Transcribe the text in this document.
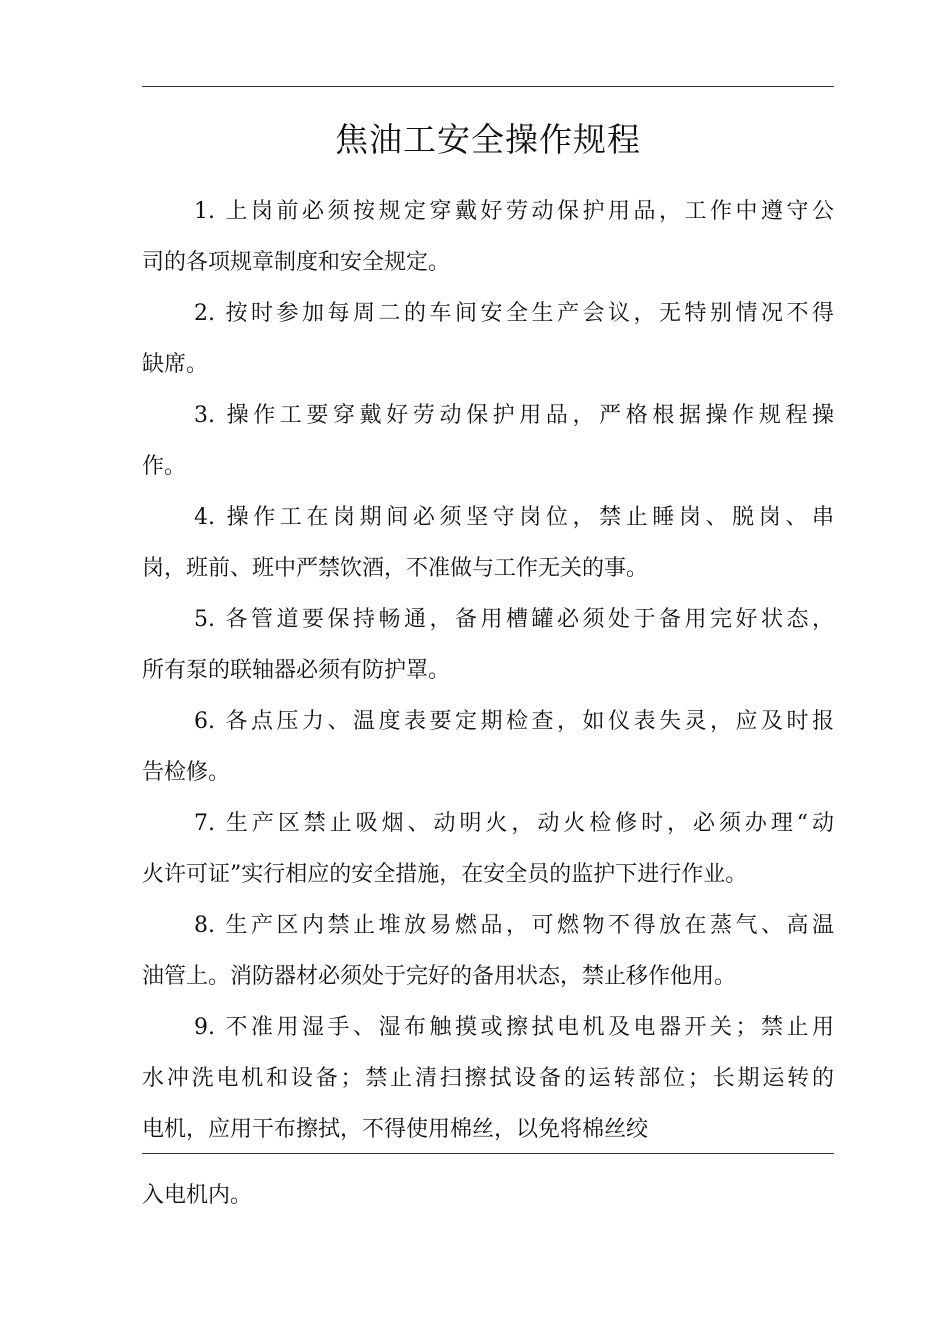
焦油工安全操作规程
1. 上岗前必须按规定穿戴好劳动保护用品，工作中遵守公
司的各项规章制度和安全规定。
2. 按时参加每周二的车间安全生产会议，无特别情况不得
缺席。
3. 操作工要穿戴好劳动保护用品，严格根据操作规程操
作。
4. 操作工在岗期间必须坚守岗位，禁止睡岗、脱岗、串
岗，班前、班中严禁饮酒，不准做与工作无关的事。
5. 各管道要保持畅通，备用槽罐必须处于备用完好状态，
所有泵的联轴器必须有防护罩。
6. 各点压力、温度表要定期检查，如仪表失灵，应及时报
告检修。
7. 生产区禁止吸烟、动明火，动火检修时，必须办理“动
火许可证”实行相应的安全措施，在安全员的监护下进行作业。
8. 生产区内禁止堆放易燃品，可燃物不得放在蒸气、高温
油管上。消防器材必须处于完好的备用状态，禁止移作他用。
9. 不准用湿手、湿布触摸或擦拭电机及电器开关；禁止用
水冲洗电机和设备；禁止清扫擦拭设备的运转部位；长期运转的
电机，应用干布擦拭，不得使用棉丝，以免将棉丝绞
入电机内。
